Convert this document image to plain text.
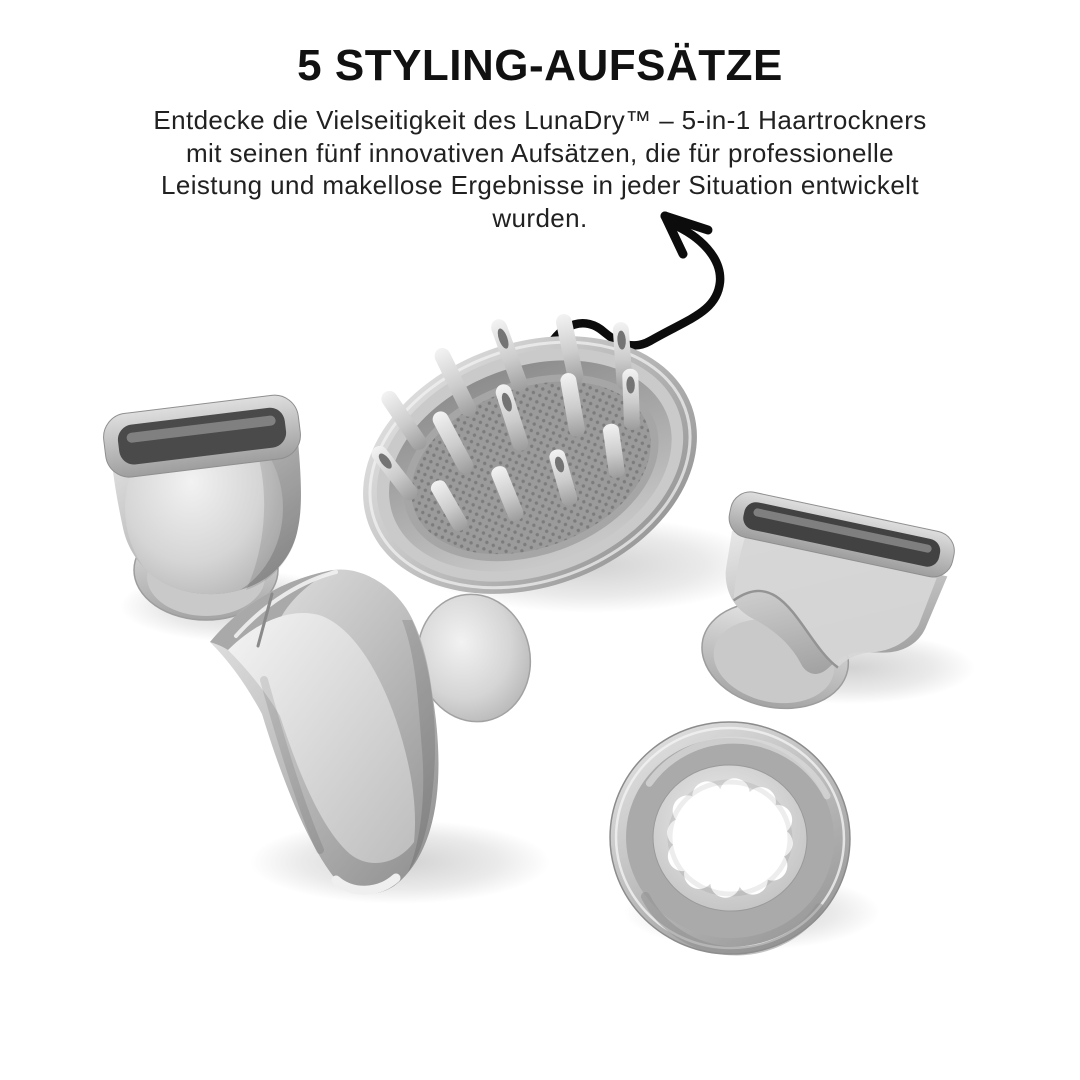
5 STYLING-AUFSÄTZE
Entdecke die Vielseitigkeit des LunaDry™ – 5-in-1 Haartrockners
mit seinen fünf innovativen Aufsätzen, die für professionelle
Leistung und makellose Ergebnisse in jeder Situation entwickelt
wurden.
